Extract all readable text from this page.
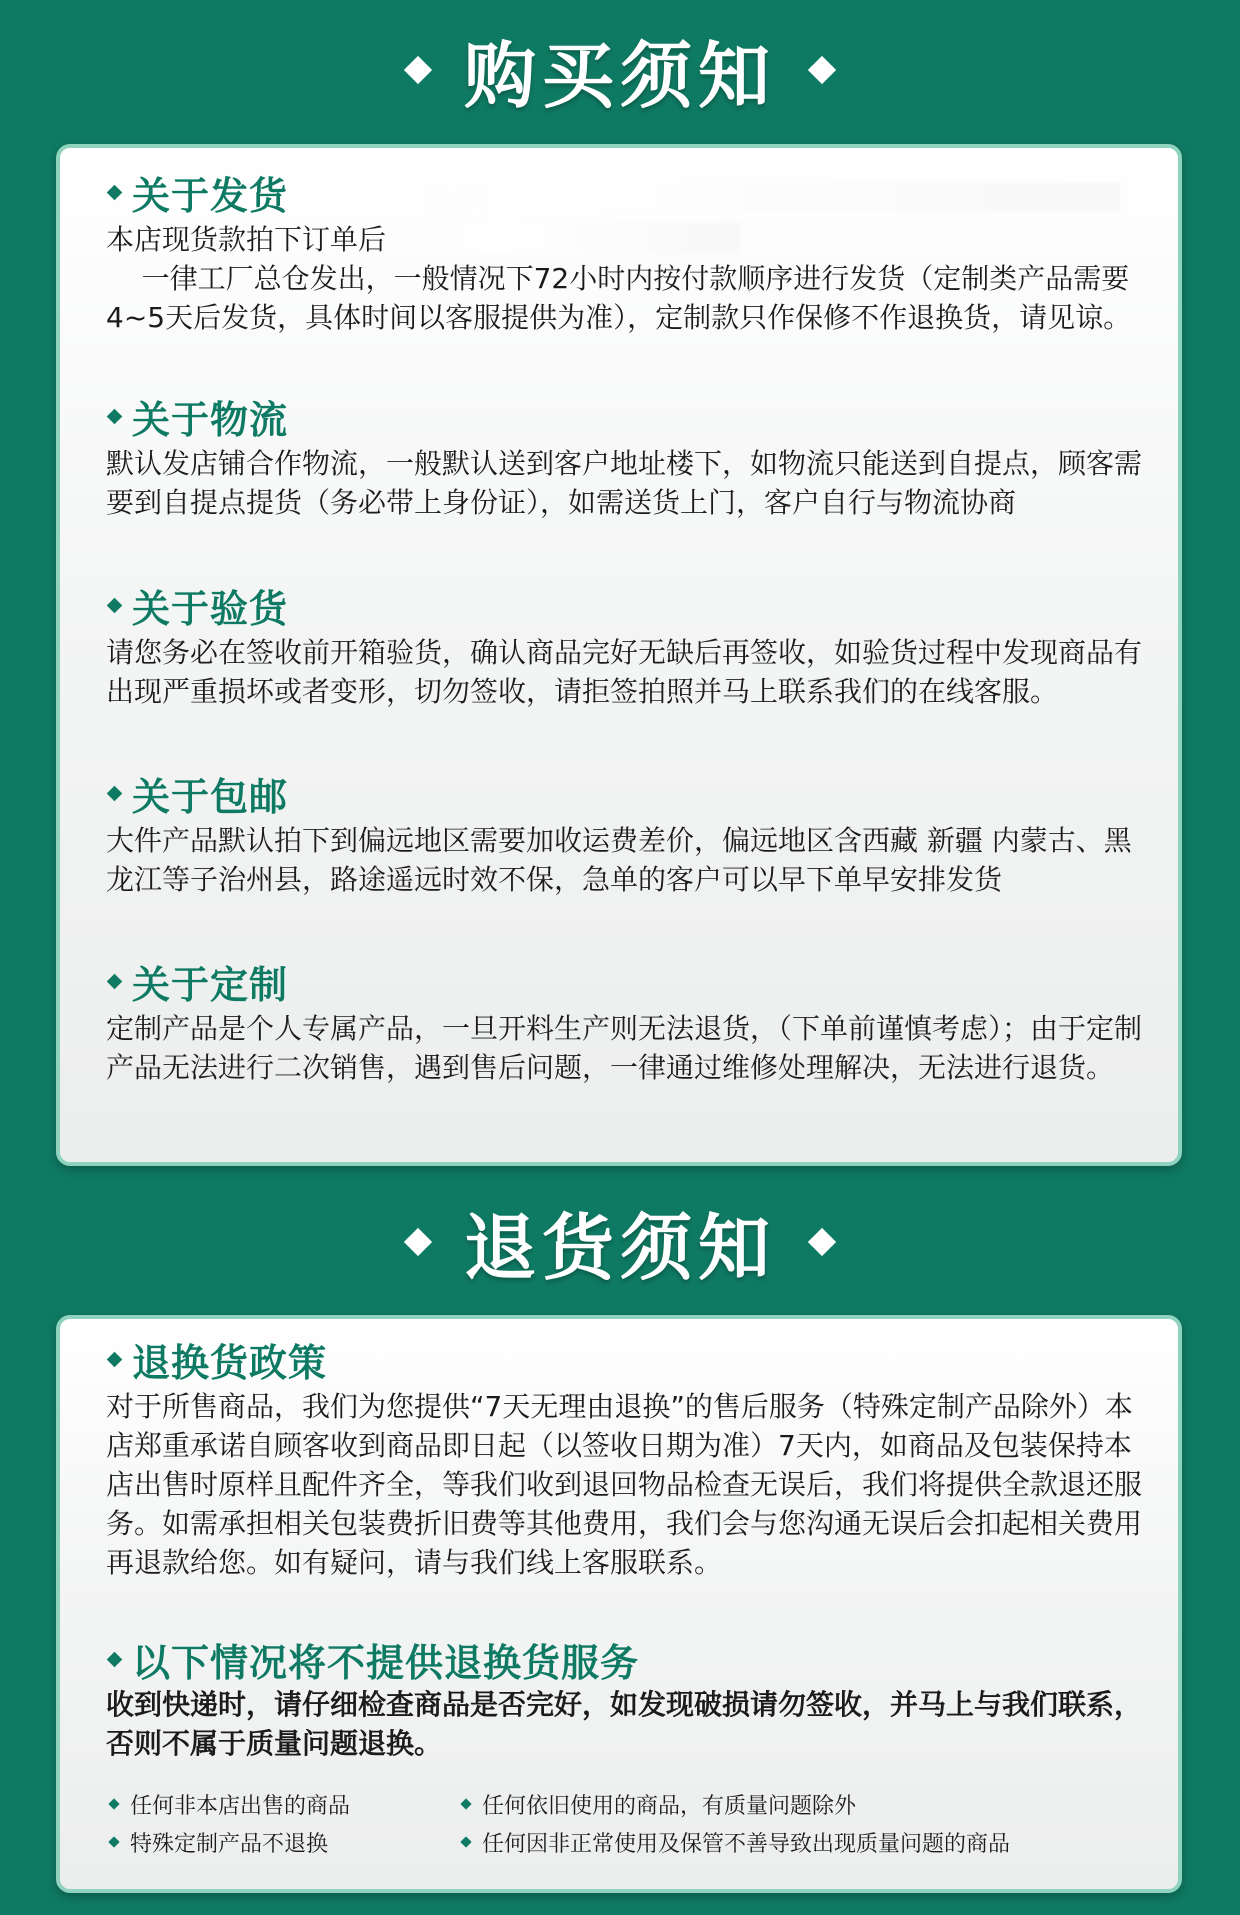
购买须知
关于发货
本店现货款拍下订单后
一律工厂总仓发出，一般情况下72小时内按付款顺序进行发货（定制类产品需要4~5天后发货，具体时间以客服提供为准），定制款只作保修不作退换货，请见谅。
关于物流
默认发店铺合作物流，一般默认送到客户地址楼下，如物流只能送到自提点，顾客需要到自提点提货（务必带上身份证），如需送货上门，客户自行与物流协商
关于验货
请您务必在签收前开箱验货，确认商品完好无缺后再签收，如验货过程中发现商品有出现严重损坏或者变形，切勿签收，请拒签拍照并马上联系我们的在线客服。
关于包邮
大件产品默认拍下到偏远地区需要加收运费差价，偏远地区含西藏 新疆 内蒙古、黑龙江等子治州县，路途遥远时效不保，急单的客户可以早下单早安排发货
关于定制
定制产品是个人专属产品，一旦开料生产则无法退货，（下单前谨慎考虑）；由于定制产品无法进行二次销售，遇到售后问题，一律通过维修处理解决，无法进行退货。
退货须知
退换货政策
对于所售商品，我们为您提供“7天无理由退换”的售后服务（特殊定制产品除外）本店郑重承诺自顾客收到商品即日起（以签收日期为准）7天内，如商品及包装保持本店出售时原样且配件齐全，等我们收到退回物品检查无误后，我们将提供全款退还服务。如需承担相关包装费折旧费等其他费用，我们会与您沟通无误后会扣起相关费用再退款给您。如有疑问，请与我们线上客服联系。
以下情况将不提供退换货服务
收到快递时，请仔细检查商品是否完好，如发现破损请勿签收，并马上与我们联系，否则不属于质量问题退换。
任何非本店出售的商品	任何依旧使用的商品，有质量问题除外
特殊定制产品不退换	任何因非正常使用及保管不善导致出现质量问题的商品
